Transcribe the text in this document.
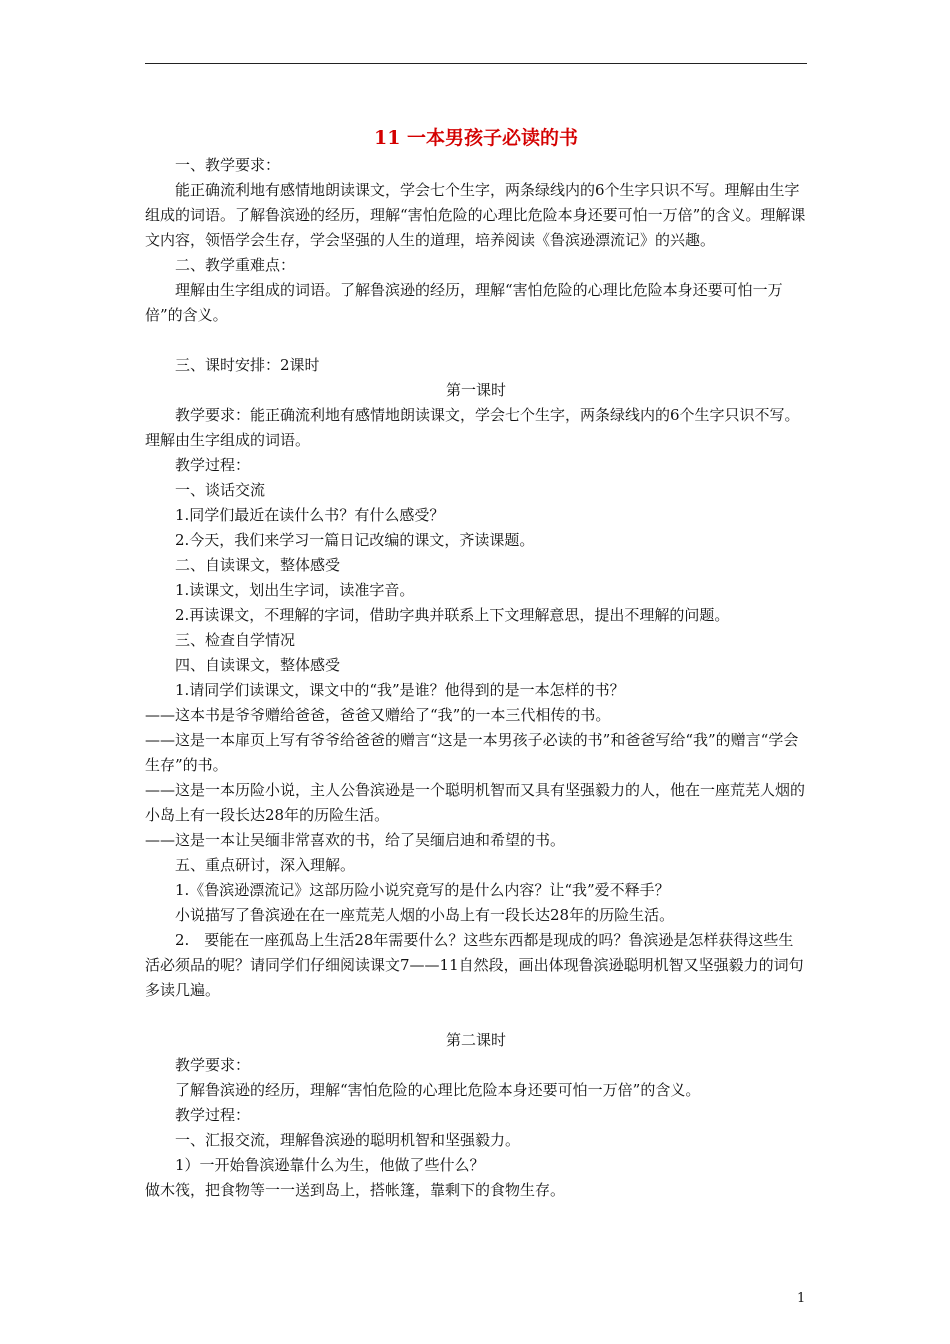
11 一本男孩子必读的书

一、教学要求：

能正确流利地有感情地朗读课文，学会七个生字，两条绿线内的6个生字只识不写。理解由生字组成的词语。了解鲁滨逊的经历，理解“害怕危险的心理比危险本身还要可怕一万倍”的含义。理解课文内容，领悟学会生存，学会坚强的人生的道理，培养阅读《鲁滨逊漂流记》的兴趣。

二、教学重难点：

理解由生字组成的词语。了解鲁滨逊的经历，理解“害怕危险的心理比危险本身还要可怕一万倍”的含义。

三、课时安排：2课时

第一课时

教学要求：能正确流利地有感情地朗读课文，学会七个生字，两条绿线内的6个生字只识不写。理解由生字组成的词语。

教学过程：

一、谈话交流

1.同学们最近在读什么书？有什么感受？

2.今天，我们来学习一篇日记改编的课文，齐读课题。

二、自读课文，整体感受

1.读课文，划出生字词，读准字音。

2.再读课文，不理解的字词，借助字典并联系上下文理解意思，提出不理解的问题。

三、检查自学情况

四、自读课文，整体感受

1.请同学们读课文，课文中的“我”是谁？他得到的是一本怎样的书？

——这本书是爷爷赠给爸爸，爸爸又赠给了“我”的一本三代相传的书。

——这是一本扉页上写有爷爷给爸爸的赠言“这是一本男孩子必读的书”和爸爸写给“我”的赠言“学会生存”的书。

——这是一本历险小说，主人公鲁滨逊是一个聪明机智而又具有坚强毅力的人，他在一座荒芜人烟的小岛上有一段长达28年的历险生活。

——这是一本让吴缅非常喜欢的书，给了吴缅启迪和希望的书。

五、重点研讨，深入理解。

1.《鲁滨逊漂流记》这部历险小说究竟写的是什么内容？让“我”爱不释手？

小说描写了鲁滨逊在在一座荒芜人烟的小岛上有一段长达28年的历险生活。

2.　要能在一座孤岛上生活28年需要什么？这些东西都是现成的吗？鲁滨逊是怎样获得这些生活必须品的呢？请同学们仔细阅读课文7——11自然段，画出体现鲁滨逊聪明机智又坚强毅力的词句多读几遍。

第二课时

教学要求：

了解鲁滨逊的经历，理解“害怕危险的心理比危险本身还要可怕一万倍”的含义。

教学过程：

一、汇报交流，理解鲁滨逊的聪明机智和坚强毅力。

1）一开始鲁滨逊靠什么为生，他做了些什么？

做木筏，把食物等一一送到岛上，搭帐篷，靠剩下的食物生存。

1
